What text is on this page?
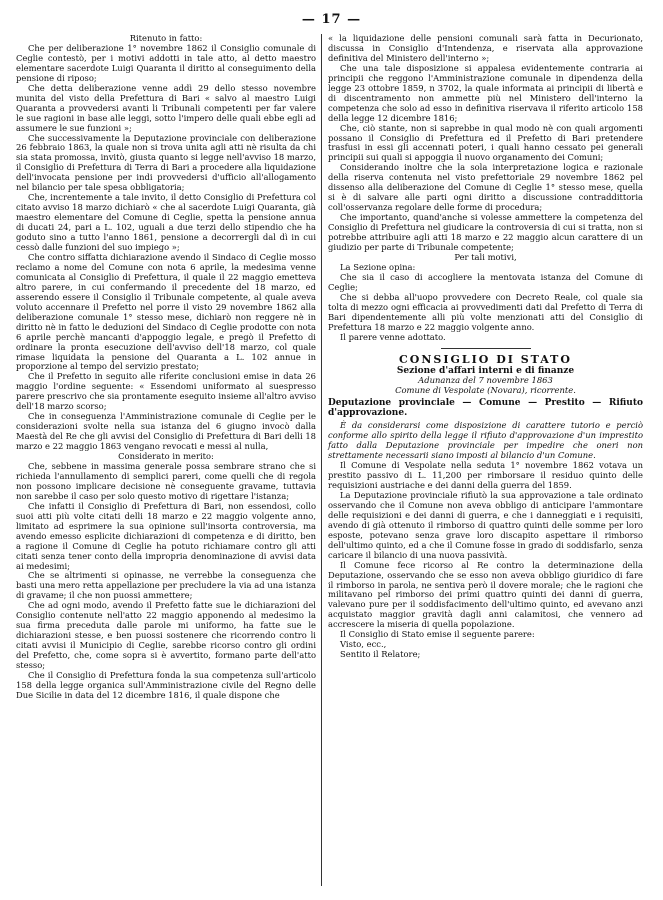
— 17 —

Ritenuto in fatto:

Che per deliberazione 1° novembre 1862 il Consiglio comunale di Ceglie contestò, per i motivi addotti in tale atto, al detto maestro elementare sacerdote Luigi Quaranta il diritto al conseguimento della pensione di riposo;

Che detta deliberazione venne addì 29 dello stesso novembre munita del visto della Prefettura di Bari « salvo al maestro Luigi Quaranta a provvedersi avanti li Tribunali competenti per far valere le sue ragioni in base alle leggi, sotto l'impero delle quali ebbe egli ad assumere le sue funzioni »;

Che successivamente la Deputazione provinciale con deliberazione 26 febbraio 1863, la quale non si trova unita agli atti nè risulta da chi sia stata promossa, invitò, giusta quanto si legge nell'avviso 18 marzo, il Consiglio di Prefettura di Terra di Bari a procedere alla liquidazione dell'invocata pensione per indi provvedersi d'ufficio all'allogamento nel bilancio per tale spesa obbligatoria;

Che, increntemente a tale invito, il detto Consiglio di Prefettura col citato avviso 18 marzo dichiarò « che al sacerdote Luigi Quaranta, già maestro elementare del Comune di Ceglie, spetta la pensione annua di ducati 24, pari a L. 102, uguali a due terzi dello stipendio che ha goduto sino a tutto l'anno 1861, pensione a decorrergli dal dì in cui cessò dalle funzioni del suo impiego »;

Che contro siffatta dichiarazione avendo il Sindaco di Ceglie mosso reclamo a nome del Comune con nota 6 aprile, la medesima venne comunicata al Consiglio di Prefettura, il quale il 22 maggio emetteva altro parere, in cui confermando il precedente del 18 marzo, ed asserendo essere il Consiglio il Tribunale competente, al quale aveva voluto accennare il Prefetto nel porre il visto 29 novembre 1862 alla deliberazione comunale 1° stesso mese, dichiarò non reggere nè in diritto nè in fatto le deduzioni del Sindaco di Ceglie prodotte con nota 6 aprile perchè mancanti d'appoggio legale, e pregò il Prefetto di ordinare la pronta esecuzione dell'avviso dell'18 marzo, col quale rimase liquidata la pensione del Quaranta a L. 102 annue in proporzione al tempo del servizio prestato;

Che il Prefetto in seguito alle riferite conclusioni emise in data 26 maggio l'ordine seguente: « Essendomi uniformato al suespresso parere prescrivo che sia prontamente eseguito insieme all'altro avviso dell'18 marzo scorso;

Che in conseguenza l'Amministrazione comunale di Ceglie per le considerazioni svolte nella sua istanza del 6 giugno invocò dalla Maestà del Re che gli avvisi del Consiglio di Prefettura di Bari delli 18 marzo e 22 maggio 1863 vengano revocati e messi al nulla,

Considerato in merito:

Che, sebbene in massima generale possa sembrare strano che si richieda l'annullamento di semplici pareri, come quelli che di regola non possono implicare decisione nè conseguente gravame, tuttavia non sarebbe il caso per solo questo motivo di rigettare l'istanza;

Che infatti il Consiglio di Prefettura di Bari, non essendosi, collo suoi atti più volte citati delli 18 marzo e 22 maggio volgente anno, limitato ad esprimere la sua opinione sull'insorta controversia, ma avendo emesso esplicite dichiarazioni di competenza e di diritto, ben a ragione il Comune di Ceglie ha potuto richiamare contro gli atti citati senza tener conto della impropria denominazione di avvisi data ai medesimi;

Che se altrimenti si opinasse, ne verrebbe la conseguenza che basti una mero retta appellazione per precludere la via ad una istanza di gravame; il che non puossi ammettere;

Che ad ogni modo, avendo il Prefetto fatte sue le dichiarazioni del Consiglio contenute nell'atto 22 maggio apponendo al medesimo la sua firma preceduta dalle parole mi uniformo, ha fatte sue le dichiarazioni stesse, e ben puossi sostenere che ricorrendo contro li citati avvisi il Municipio di Ceglie, sarebbe ricorso contro gli ordini del Prefetto, che, come sopra si è avvertito, formano parte dell'atto stesso;

Che il Consiglio di Prefettura fonda la sua competenza sull'articolo 158 della legge organica sull'Amministrazione civile del Regno delle Due Sicilie in data del 12 dicembre 1816, il quale dispone che

« la liquidazione delle pensioni comunali sarà fatta in Decurionato, discussa in Consiglio d'Intendenza, e riservata alla approvazione definitiva del Ministero dell'interno »;

Che una tale disposizione si appalesa evidentemente contraria ai principii che reggono l'Amministrazione comunale in dipendenza della legge 23 ottobre 1859, n 3702, la quale informata ai principii di libertà e di discentramento non ammette più nel Ministero dell'interno la competenza che solo ad esso in definitiva riservava il riferito articolo 158 della legge 12 dicembre 1816;

Che, ciò stante, non si saprebbe in qual modo nè con quali argomenti possano il Consiglio di Prefettura ed il Prefetto di Bari pretendere trasfusi in essi gli accennati poteri, i quali hanno cessato pei generali principii sui quali si appoggia il nuovo organamento dei Comuni;

Considerando inoltre che la sola interpretazione logica e razionale della riserva contenuta nel visto prefettoriale 29 novembre 1862 pel dissenso alla deliberazione del Comune di Ceglie 1° stesso mese, quella si è di salvare alle parti ogni diritto a discussione contraddittoria coll'osservanza regolare delle forme di procedura;

Che importanto, quand'anche si volesse ammettere la competenza del Consiglio di Prefettura nel giudicare la controversia di cui si tratta, non si potrebbe attribuire agli atti 18 marzo e 22 maggio alcun carattere di un giudizio per parte di Tribunale competente;

Per tali motivi,

La Sezione opina:

Che sia il caso di accogliere la mentovata istanza del Comune di Ceglie;

Che si debba all'uopo provvedere con Decreto Reale, col quale sia tolta di mezzo ogni efficacia ai provvedimenti dati dal Prefetto di Terra di Bari dipendentemente alli più volte menzionati atti del Consiglio di Prefettura 18 marzo e 22 maggio volgente anno.

Il parere venne adottato.

CONSIGLIO DI STATO

Sezione d'affari interni e di finanze

Adunanza del 7 novembre 1863

Comune di Vespolate (Novara), ricorrente.

Deputazione provinciale — Comune — Prestito — Rifiuto d'approvazione.

È da considerarsi come disposizione di carattere tutorio e perciò conforme allo spirito della legge il rifiuto d'approvazione d'un imprestito fatto dalla Deputazione provinciale per impedire che oneri non strettamente necessarii siano imposti al bilancio d'un Comune.

Il Comune di Vespolate nella seduta 1° novembre 1862 votava un prestito passivo di L. 11,200 per rimborsare il residuo quinto delle requisizioni austriache e dei danni della guerra del 1859.

La Deputazione provinciale rifiutò la sua approvazione a tale ordinato osservando che il Comune non aveva obbligo di anticipare l'ammontare delle requisizioni e dei danni di guerra, e che i danneggiati e i requisiti, avendo di già ottenuto il rimborso di quattro quinti delle somme per loro esposte, potevano senza grave loro discapito aspettare il rimborso dell'ultimo quinto, ed a che il Comune fosse in grado di soddisfarlo, senza caricare il bilancio di una nuova passività.

Il Comune fece ricorso al Re contro la determinazione della Deputazione, osservando che se esso non aveva obbligo giuridico di fare il rimborso in parola, ne sentiva però il dovere morale; che le ragioni che militavano pel rimborso dei primi quattro quinti dei danni di guerra, valevano pure per il soddisfacimento dell'ultimo quinto, ed avevano anzi acquistato maggior gravità dagli anni calamitosi, che vennero ad accrescere la miseria di quella popolazione.

Il Consiglio di Stato emise il seguente parere:

Visto, ecc.,

Sentito il Relatore;
